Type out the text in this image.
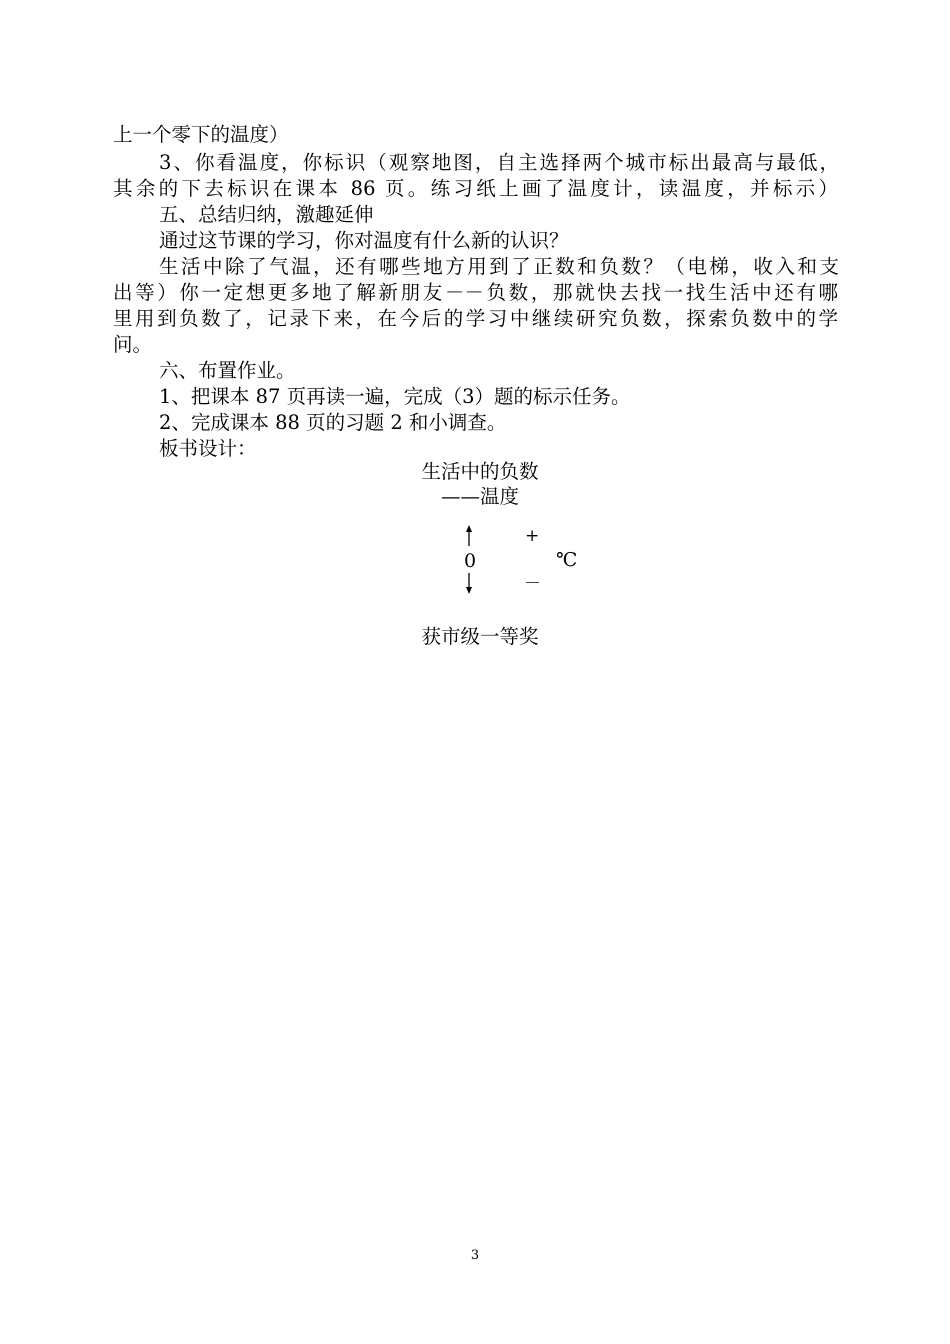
上一个零下的温度）
3、你看温度，你标识（观察地图，自主选择两个城市标出最高与最低，
其余的下去标识在课本 86 页。练习纸上画了温度计，读温度，并标示）
五、总结归纳，激趣延伸
通过这节课的学习，你对温度有什么新的认识？
生活中除了气温，还有哪些地方用到了正数和负数？（电梯，收入和支
出等）你一定想更多地了解新朋友－－负数，那就快去找一找生活中还有哪
里用到负数了，记录下来，在今后的学习中继续研究负数，探索负数中的学
问。
六、布置作业。
1、把课本 87 页再读一遍，完成（3）题的标示任务。
2、完成课本 88 页的习题 2 和小调查。
板书设计：
生活中的负数
——温度
+
0	℃
－
获市级一等奖
3
